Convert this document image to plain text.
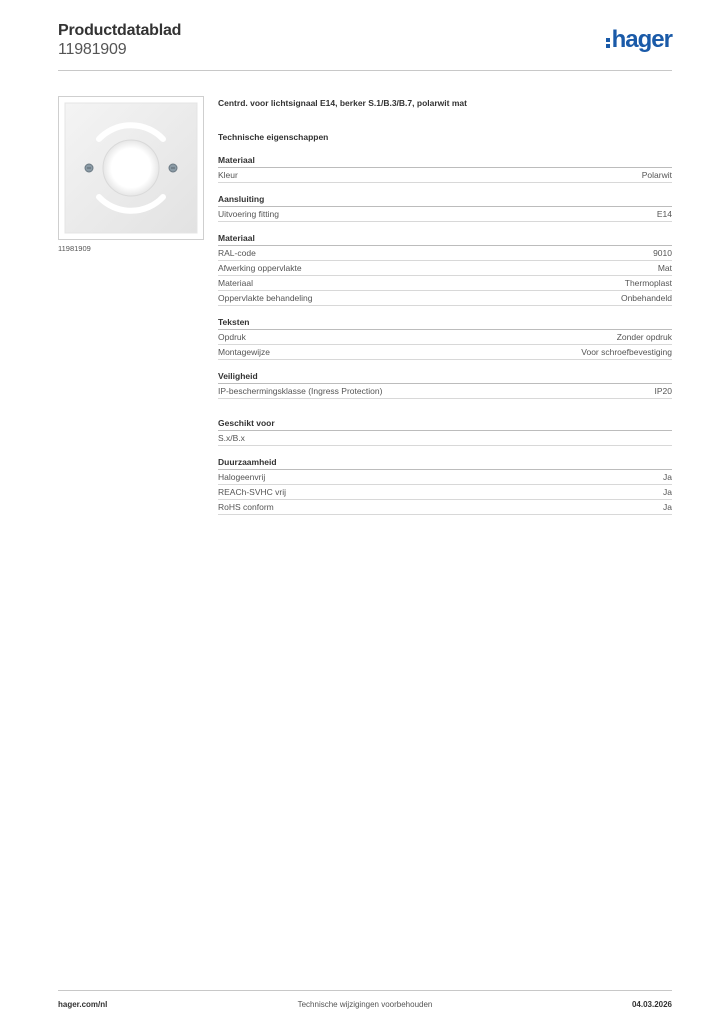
Productdatablad
11981909	hager
11981909
Centrd. voor lichtsignaal E14, berker S.1/B.3/B.7, polarwit mat
Technische eigenschappen
Materiaal
Kleur	Polarwit
Aansluiting
Uitvoering fitting	E14
Materiaal
RAL-code	9010
Afwerking oppervlakte	Mat
Materiaal	Thermoplast
Oppervlakte behandeling	Onbehandeld
Teksten
Opdruk	Zonder opdruk
Montagewijze	Voor schroefbevestiging
Veiligheid
IP-beschermingsklasse (Ingress Protection)	IP20
Geschikt voor
S.x/B.x
Duurzaamheid
Halogeenvrij	Ja
REACh-SVHC vrij	Ja
RoHS conform	Ja
hager.com/nl	Technische wijzigingen voorbehouden	04.03.2026
